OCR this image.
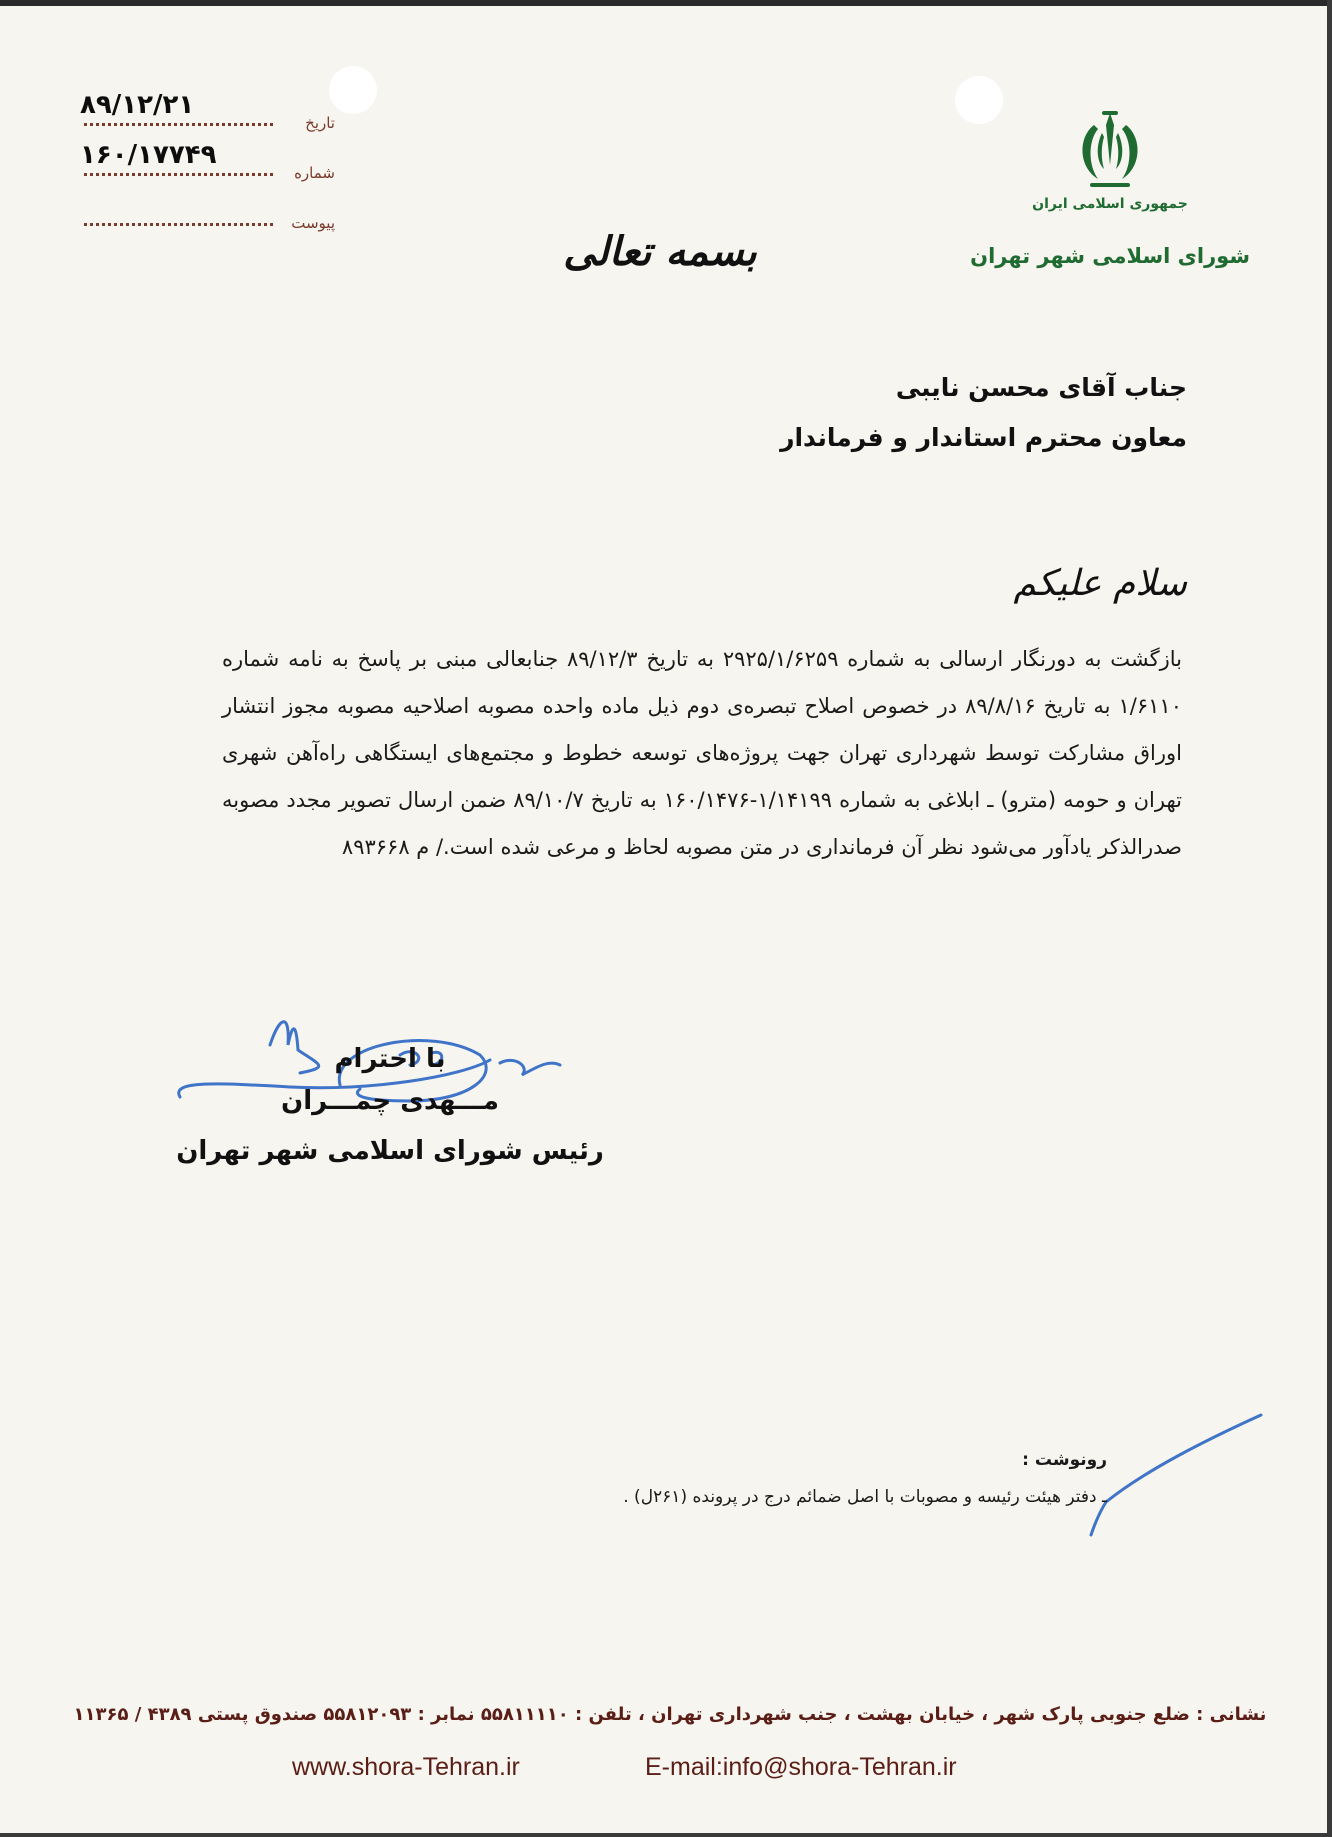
۸۹/۱۲/۲۱
تاریخ
۱۶۰/۱۷۷۴۹
شماره
پیوست
جمهوری اسلامی ایران
شورای اسلامی شهر تهران
بسمه تعالی
جناب آقای محسن نایبی
معاون محترم استاندار و فرماندار
سلام علیکم
بازگشت به دورنگار ارسالی به شماره ۲۹۲۵/۱/۶۲۵۹ به تاریخ ۸۹/۱۲/۳ جنابعالی مبنی بر پاسخ به نامه شماره ۱/۶۱۱۰ به تاریخ ۸۹/۸/۱۶ در خصوص اصلاح تبصره‌ی دوم ذیل ماده واحده مصوبه اصلاحیه مصوبه مجوز انتشار اوراق مشارکت توسط شهرداری تهران جهت پروژه‌های توسعه خطوط و مجتمع‌های ایستگاهی راه‌آهن شهری تهران و حومه (مترو) ـ ابلاغی به شماره ۱/۱۴۱۹۹-۱۶۰/۱۴۷۶ به تاریخ ۸۹/۱۰/۷ ضمن ارسال تصویر مجدد مصوبه صدرالذکر یادآور می‌شود نظر آن فرمانداری در متن مصوبه لحاظ و مرعی شده است./ م ۸۹۳۶۶۸
با احترام
مـــهدی چمـــران
رئیس شورای اسلامی شهر تهران
رونوشت :
ـ دفتر هیئت رئیسه و مصوبات با اصل ضمائم درج در پرونده (۲۶۱ل) .
نشانی : ضلع جنوبی پارک شهر ، خیابان بهشت ، جنب شهرداری تهران ، تلفن : ۵۵۸۱۱۱۱۰ نمابر : ۵۵۸۱۲۰۹۳ صندوق پستی ۴۳۸۹ / ۱۱۳۶۵
www.shora-Tehran.ir	E-mail:info@shora-Tehran.ir
